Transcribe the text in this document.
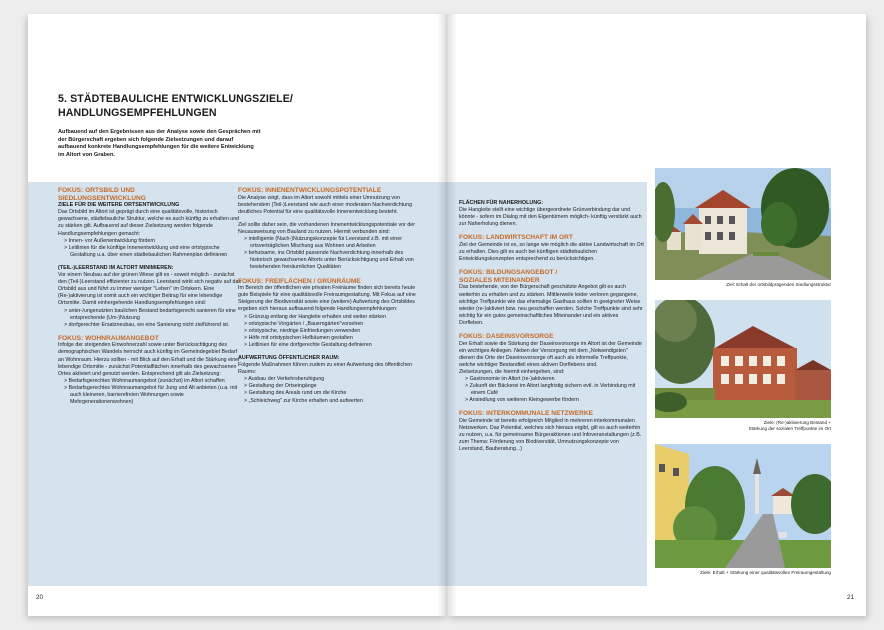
5. STÄDTEBAULICHE ENTWICKLUNGSZIELE/
HANDLUNGSEMPFEHLUNGEN
Aufbauend auf den Ergebnissen aus der Analyse sowie den Gesprächen mit der Bürgerschaft ergeben sich folgende Zielsetzungen und darauf aufbauend konkrete Handlungsempfehlungen für die weitere Entwicklung im Altort von Graben.

FOKUS: ORTSBILD UND

SIEDLUNGSENTWICKLUNG

ZIELE FÜR DIE WEITERE ORTSENTWICKLUNG

Das Ortsbild im Altort ist geprägt durch eine qualitätsvolle, historisch gewachsene, städtebauliche Struktur, welche es auch künftig zu erhalten und zu stärken gilt. Aufbauend auf dieser Zielsetzung werden folgende Handlungsempfehlungen gemacht:

> Innen- vor Außenentwicklung fördern

> Leitlinien für die künftige Innenentwicklung und eine ortstypische Gestaltung u.a. über einen städtebaulichen Rahmenplan definieren

(TEIL-)LEERSTAND IM ALTORT MINIMIEREN:

Vor einem Neubau auf der grünen Wiese gilt es - soweit möglich - zunächst den (Teil-)Leerstand effizienter zu nutzen. Leerstand wirkt sich negativ auf das Ortsbild aus und führt zu immer weniger "Leben" im Ortskern. Eine (Re-)aktivierung ist somit auch ein wichtiger Beitrag für eine lebendige Ortsmitte. Damit einhergehende Handlungsempfehlungen sind:

> unter-/ungenutzten baulichen Bestand bedarfsgerecht sanieren für eine entsprechende (Um-)Nutzung

> dorfgerechter Ersatzneubau, wo eine Sanierung nicht zielführend ist.

FOKUS: WOHNRAUMANGEBOT

Infolge der steigenden Einwohnerzahl sowie unter Berücksichtigung des demographischen Wandels herrscht auch künftig im Gemeindegebiet Bedarf an Wohnraum. Hierzu sollten - mit Blick auf den Erhalt und die Stärkung einer lebendige Ortsmitte - zunächst Potentialflächen innerhalb des gewachsenen Ortes aktiviert und genutzt werden. Entsprechend gilt als Zielsetzung:

> Bedarfsgerechtes Wohnraumangebot (zunächst) im Altort schaffen

> Bedarfsgerechtes Wohnraumangebot für Jung und Alt anbieten (u.a. mit auch kleineren, barrierefreien Wohnungen sowie Mehrgenerationenwohnen)

FOKUS: INNENENTWICKLUNGSPOTENTIALE

Die Analyse zeigt, dass im Altort sowohl mittels einer Umnutzung von bestehendem (Teil-)Leerstand wie auch einer moderaten Nachverdichtung deutliches Potential für eine qualitätsvolle Innenentwicklung besteht.

Ziel sollte daher sein, die vorhandenen Innenentwicklungspotentiale vor der Neuausweisung von Bauland zu nutzen. Hiermit verbunden sind:

> intelligente (Nach-)Nutzungskonzepte für Leerstand z.B. mit einer ortsverträglichen Mischung aus Wohnen und Arbeiten

> behutsame, ins Ortsbild passende Nachverdichtung innerhalb des historisch gewachsenen Altorts unter Berücksichtigung und Erhalt von bestehenden freiräumlichen Qualitäten

FOKUS: FREIFLÄCHEN / GRÜNRÄUME

Im Bereich der öffentlichen wie privaten Freiräume finden sich bereits heute gute Beispiele für eine qualitätsvolle Freiraumgestaltung. Mit Fokus auf eine Steigerung der Biodiversität sowie eine (weitere) Aufwertung des Ortsbildes ergeben sich hieraus aufbauend folgende Handlungsempfehlungen:

> Grünzug entlang der Hangleite erhalten und weiter stärken

> ortstypische Vorgärten / „Bauerngärten"vorsehen

> ortstypische, niedrige Einfriedungen verwenden

> Höfe mit ortstypischen Hofbäumen gestalten

> Leitlinien für eine dorfgerechte Gestaltung definieren

AUFWERTUNG ÖFFENTLICHER RAUM:

Folgende Maßnahmen führen zudem zu einer Aufwertung des öffentlichen Raums:

> Ausbau der Verkehrsberuhigung

> Gestaltung der Ortseingänge

> Gestaltung des Areals rund um die Kirche

> „Schleichweg" zur Kirche erhalten und aufwerten

20

FLÄCHEN FÜR NAHERHOLUNG:

Die Hangleite stellt eine wichtige übergeordnete Grünverbindung dar und könnte - sofern im Dialog mit den Eigentümern möglich- künftig verstärkt auch zur Naherholung dienen.

FOKUS: LANDWIRTSCHAFT IM ORT

Ziel der Gemeinde ist es, so lange wie möglich die aktive Landwirtschaft im Ort zu erhalten. Dies gilt es auch bei künftigen städtebaulichen Entwicklungskonzepten entsprechend zu berücksichtigen.

FOKUS: BILDUNGSANGEBOT /

SOZIALES MITEINANDER

Das bestehende, von der Bürgerschaft geschätzte Angebot gilt es auch weiterhin zu erhalten und zu stärken. Mittlerweile leider verloren gegangene, wichtige Treffpunkte wie das ehemalige Gasthaus sollten in geeigneter Weise wieder (re-)aktiviert bzw. neu geschaffen werden. Solche Treffpunkte sind sehr wichtig für ein gutes gemeinschaftliches Miteinander und ein aktives Dorfleben.

FOKUS: DASEINSVORSORGE

Der Erhalt sowie die Stärkung der Daseinsvorsorge im Altort ist der Gemeinde ein wichtiges Anliegen. Neben der Versorgung mit dem „Notwendigsten" dienen die Orte der Daseinsvorsorge oft auch als informelle Treffpunkte, welche wichtiger Bestandteil eines aktiven Dorflebens sind.

Zielsetzungen, die hiermit einhergehen, sind:

> Gastronomie im Altort (re-)aktivieren

> Zukunft der Bäckerei im Altort langfristig sichern evtl. in Verbindung mit einem Café

> Ansiedlung von weiteren Kleingewerbe fördern

FOKUS: INTERKOMMUNALE NETZWERKE

Die Gemeinde ist bereits erfolgreich Mitglied in mehreren interkommunalen Netzwerken. Das Potential, welches sich hieraus ergibt, gilt es auch weiterhin zu nutzen, u.a. für gemeinsame Bürgeraktionen und Infoveranstaltungen (z.B. zum Thema: Förderung von Biodiversität, Umnutzungskonzepte von Leerstand, Bauberatung...)

Ziel: Erhalt der ortsbildprägenden Siedlungsstruktur
Ziele: (Re-)aktivierung Bestand +
Stärkung der sozialen Treffpunkte im Ort
Ziele: Erhalt + Stärkung einer qualitätsvollen Freiraumgestaltung
21
